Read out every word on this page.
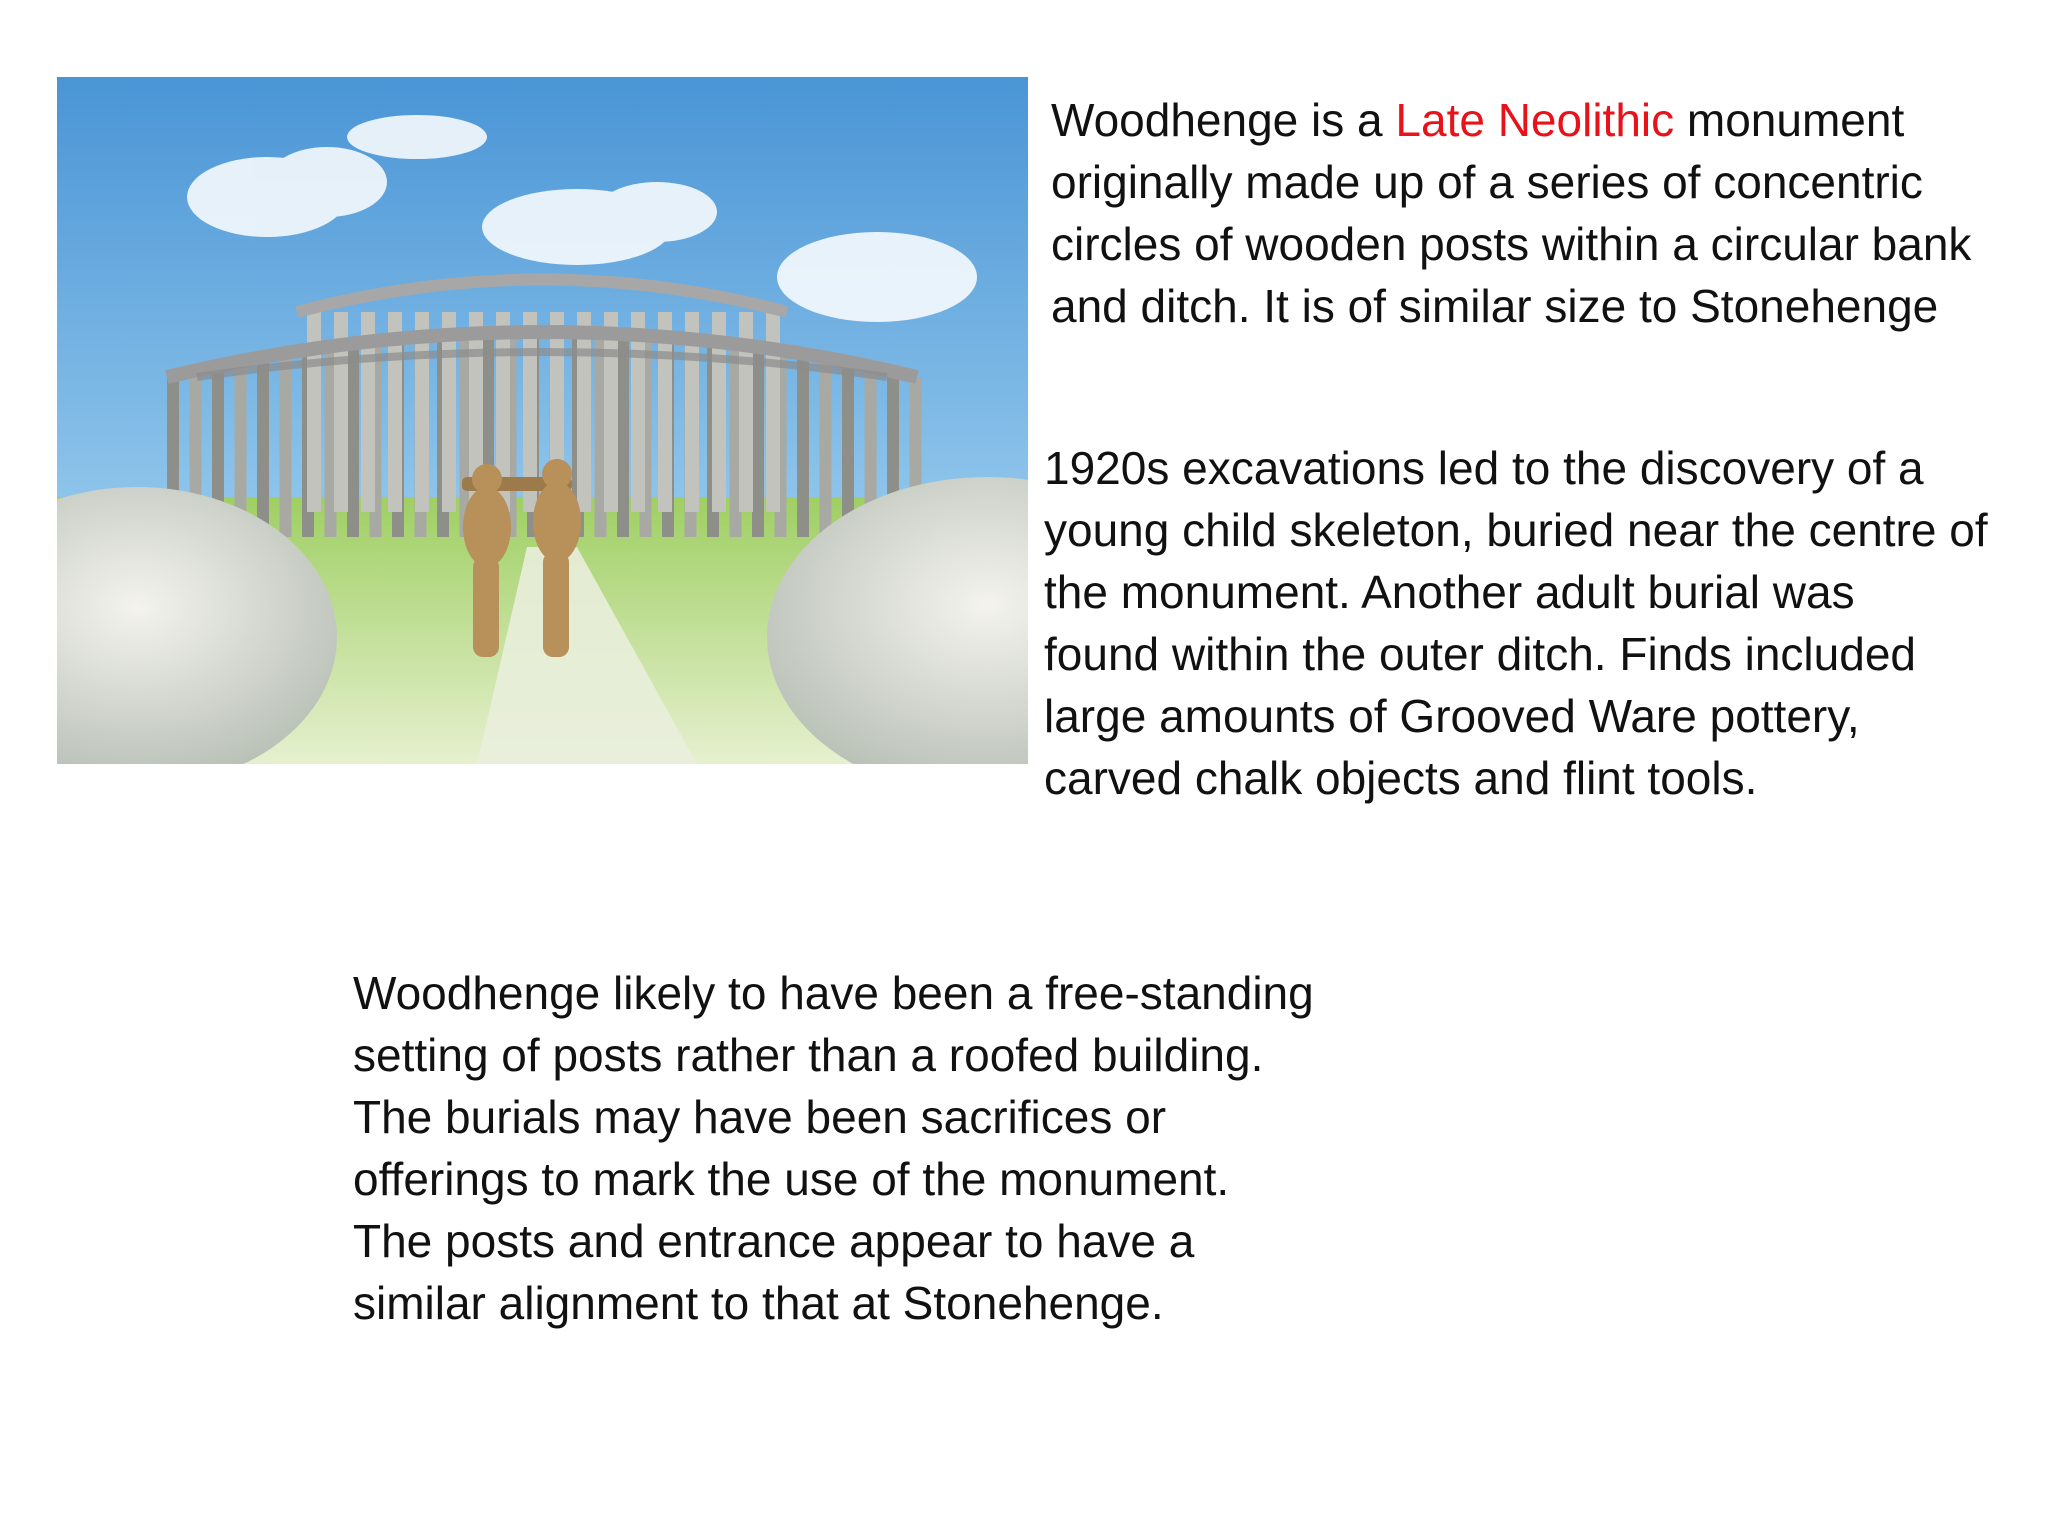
Woodhenge is a Late Neolithic monument
originally made up of a series of concentric
circles of wooden posts within a circular bank
and ditch. It is of similar size to Stonehenge
1920s excavations led to the discovery of a
young child skeleton, buried near the centre of
the monument. Another adult burial was
found within the outer ditch. Finds included
large amounts of Grooved Ware pottery,
carved chalk objects and flint tools.
Woodhenge likely to have been a free-standing
setting of posts rather than a roofed building.
The burials may have been sacrifices or
offerings to mark the use of the monument.
The posts and entrance appear to have a
similar alignment to that at Stonehenge.
